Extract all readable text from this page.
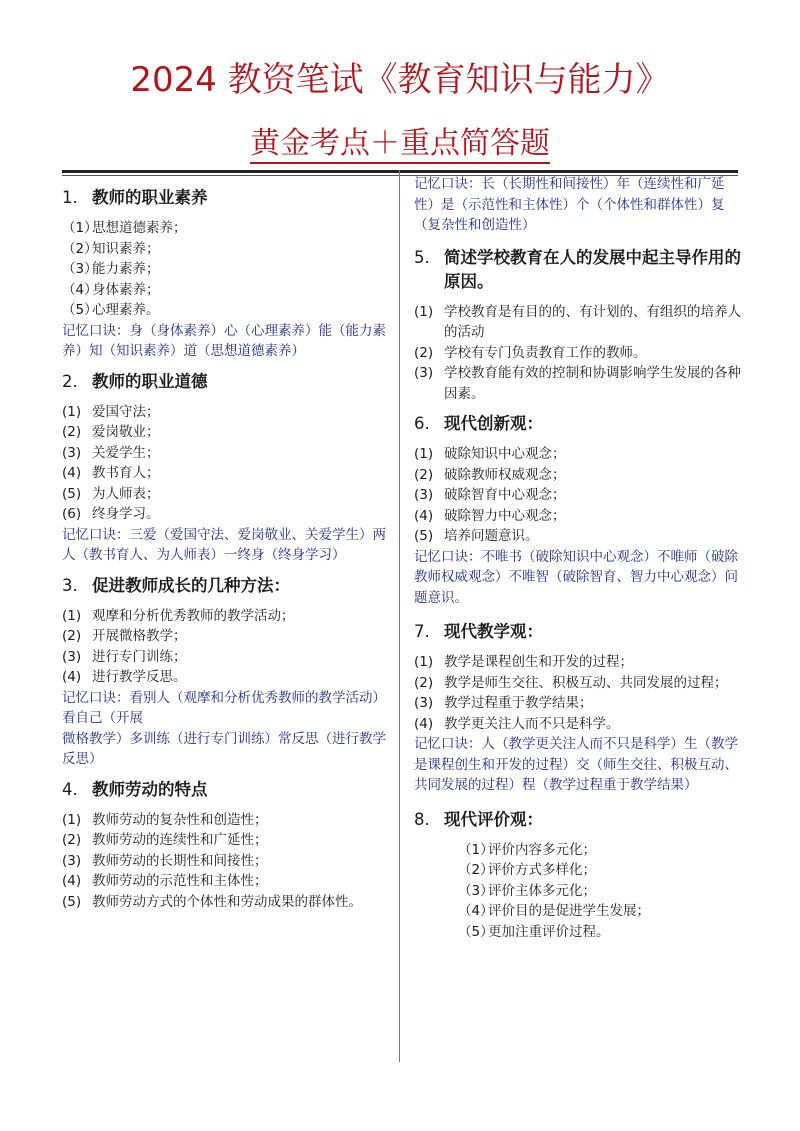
2024 教资笔试《教育知识与能力》
黄金考点＋重点简答题
1. 教师的职业素养
（1）
思想道德素养；
（2）
知识素养；
（3）
能力素养；
（4）
身体素养；
（5）
心理素养。

记忆口诀：身（身体素养）心（心理素养）能（能力素养）知（知识素养）道（思想道德素养）

2. 教师的职业道德
(1) 爱国守法；
(2) 爱岗敬业；
(3) 关爱学生；
(4) 教书育人；
(5) 为人师表；
(6) 终身学习。

记忆口诀：三爱（爱国守法、爱岗敬业、关爱学生）两人（教书育人、为人师表）一终身（终身学习）

3. 促进教师成长的几种方法：
(1) 观摩和分析优秀教师的教学活动；
(2) 开展微格教学；
(3) 进行专门训练；
(4) 进行教学反思。

记忆口诀：看别人（观摩和分析优秀教师的教学活动）看自己（开展

微格教学）多训练（进行专门训练）常反思（进行教学反思）

4. 教师劳动的特点
(1) 教师劳动的复杂性和创造性；
(2) 教师劳动的连续性和广延性；
(3) 教师劳动的长期性和间接性；
(4) 教师劳动的示范性和主体性；
(5) 教师劳动方式的个体性和劳动成果的群体性。

记忆口诀：长（长期性和间接性）年（连续性和广延性）是（示范性和主体性）个（个体性和群体性）复（复杂性和创造性）

5. 简述学校教育在人的发展中起主导作用的原因。
(1) 学校教育是有目的的、有计划的、有组织的培养人的活动
(2) 学校有专门负责教育工作的教师。
(3) 学校教育能有效的控制和协调影响学生发展的各种因素。
6. 现代创新观：
(1) 破除知识中心观念；
(2) 破除教师权威观念；
(3) 破除智育中心观念；
(4) 破除智力中心观念；
(5) 培养问题意识。

记忆口诀：不唯书（破除知识中心观念）不唯师（破除教师权威观念）不唯智（破除智育、智力中心观念）问题意识。

7. 现代教学观：
(1) 教学是课程创生和开发的过程；
(2) 教学是师生交往、积极互动、共同发展的过程；
(3) 教学过程重于教学结果；
(4) 教学更关注人而不只是科学。

记忆口诀：人（教学更关注人而不只是科学）生（教学是课程创生和开发的过程）交（师生交往、积极互动、共同发展的过程）程（教学过程重于教学结果）

8. 现代评价观：
（1）
评价内容多元化；
（2）
评价方式多样化；
（3）
评价主体多元化；
（4）
评价目的是促进学生发展；
（5）
更加注重评价过程。
